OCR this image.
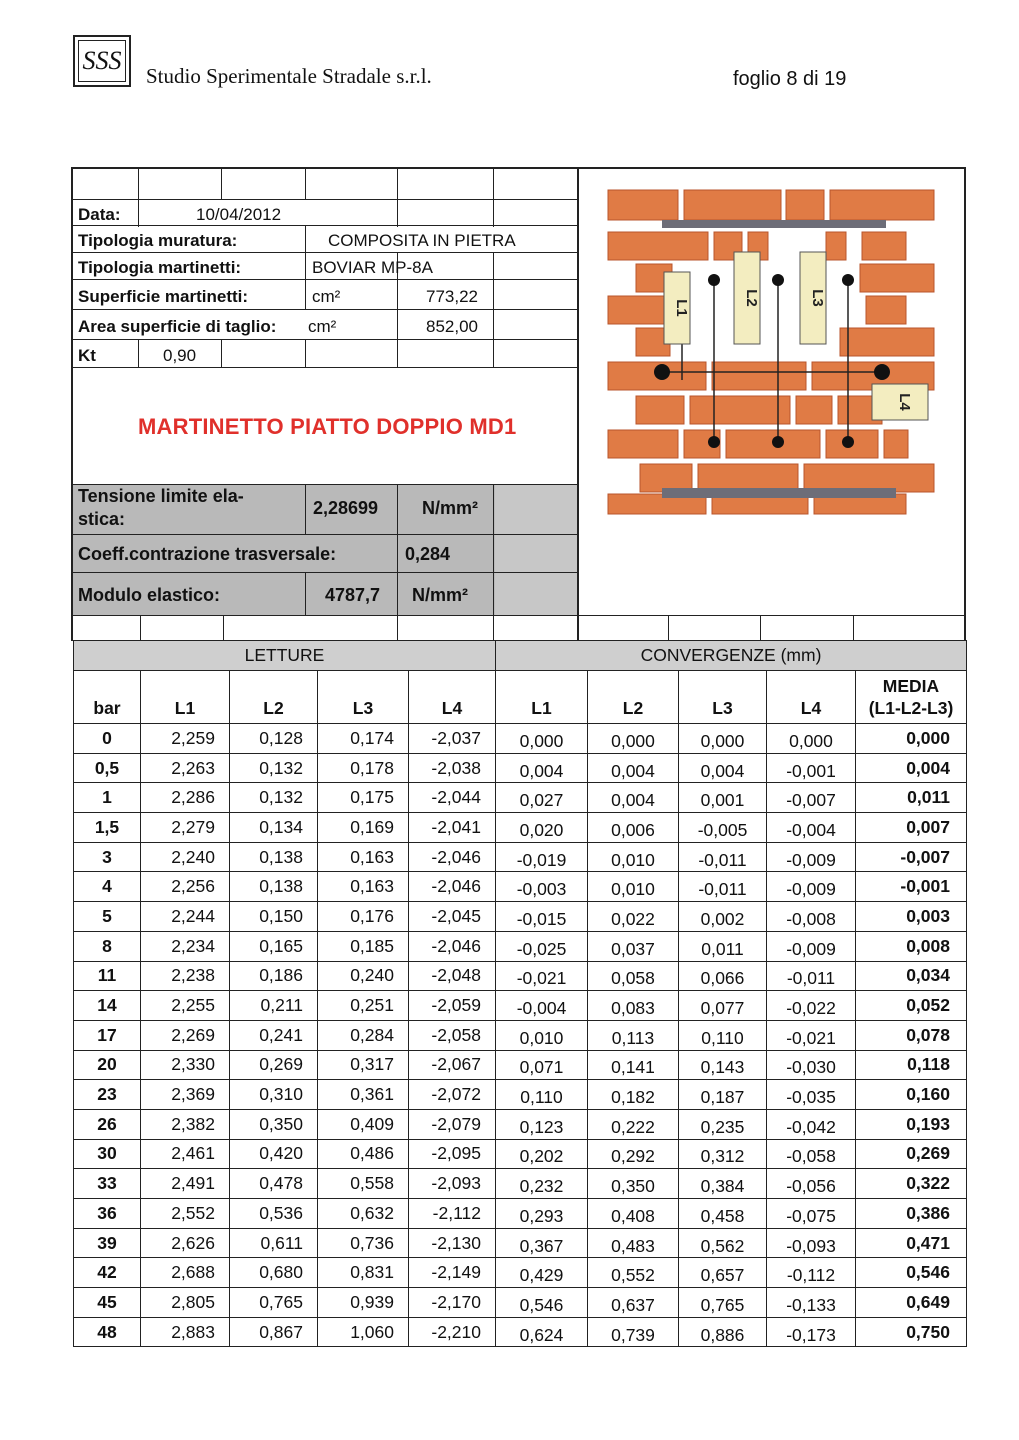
SSS
Studio Sperimentale Stradale s.r.l.	foglio 8 di 19
Data:	10/04/2012
Tipologia muratura:	COMPOSITA IN PIETRA
Tipologia martinetti:	BOVIAR MP-8A
Superficie martinetti:	cm²	773,22
Area superficie di taglio: cm²	852,00
Kt	0,90
MARTINETTO PIATTO DOPPIO MD1
Tensione limite ela-
stica:
2,28699 N/mm²
Coeff.contrazione trasversale:	0,284
Modulo elastico:	4787,7 N/mm²
L1
L2	L3
L4
LETTURE					CONVERGENZE (mm)				
bar	L1	L2	L3	L4	L1	L2	L3	L4	MEDIA
(L1-L2-L3)

0	2,259	0,128	0,174	-2,037	0,000	0,000	0,000	0,000	0,000
0,5	2,263	0,132	0,178	-2,038	0,004	0,004	0,004	-0,001	0,004
1	2,286	0,132	0,175	-2,044	0,027	0,004	0,001	-0,007	0,011
1,5	2,279	0,134	0,169	-2,041	0,020	0,006	-0,005	-0,004	0,007
3	2,240	0,138	0,163	-2,046	-0,019	0,010	-0,011	-0,009	-0,007
4	2,256	0,138	0,163	-2,046	-0,003	0,010	-0,011	-0,009	-0,001
5	2,244	0,150	0,176	-2,045	-0,015	0,022	0,002	-0,008	0,003
8	2,234	0,165	0,185	-2,046	-0,025	0,037	0,011	-0,009	0,008
11	2,238	0,186	0,240	-2,048	-0,021	0,058	0,066	-0,011	0,034
14	2,255	0,211	0,251	-2,059	-0,004	0,083	0,077	-0,022	0,052
17	2,269	0,241	0,284	-2,058	0,010	0,113	0,110	-0,021	0,078
20	2,330	0,269	0,317	-2,067	0,071	0,141	0,143	-0,030	0,118
23	2,369	0,310	0,361	-2,072	0,110	0,182	0,187	-0,035	0,160
26	2,382	0,350	0,409	-2,079	0,123	0,222	0,235	-0,042	0,193
30	2,461	0,420	0,486	-2,095	0,202	0,292	0,312	-0,058	0,269
33	2,491	0,478	0,558	-2,093	0,232	0,350	0,384	-0,056	0,322
36	2,552	0,536	0,632	-2,112	0,293	0,408	0,458	-0,075	0,386
39	2,626	0,611	0,736	-2,130	0,367	0,483	0,562	-0,093	0,471
42	2,688	0,680	0,831	-2,149	0,429	0,552	0,657	-0,112	0,546
45	2,805	0,765	0,939	-2,170	0,546	0,637	0,765	-0,133	0,649
48	2,883	0,867	1,060	-2,210	0,624	0,739	0,886	-0,173	0,750
